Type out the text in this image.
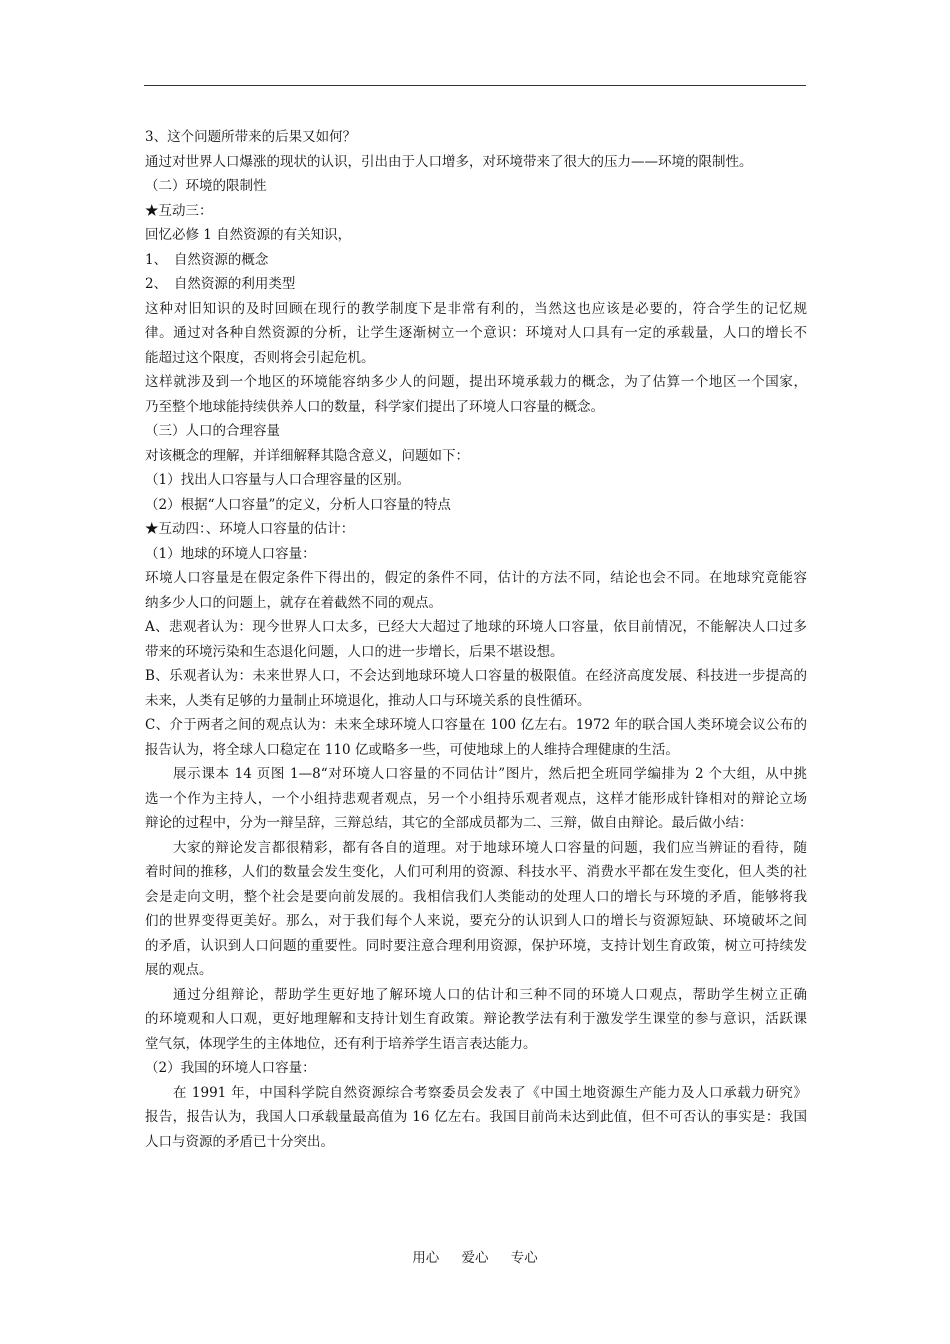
3、这个问题所带来的后果又如何？
通过对世界人口爆涨的现状的认识，引出由于人口增多，对环境带来了很大的压力——环境的限制性。
（二）环境的限制性
★互动三：
回忆必修 1 自然资源的有关知识，
1、　自然资源的概念
2、　自然资源的利用类型
这种对旧知识的及时回顾在现行的教学制度下是非常有利的，当然这也应该是必要的，符合学生的记忆规
律。通过对各种自然资源的分析，让学生逐渐树立一个意识：环境对人口具有一定的承载量，人口的增长不
能超过这个限度，否则将会引起危机。
这样就涉及到一个地区的环境能容纳多少人的问题，提出环境承载力的概念，为了估算一个地区一个国家，
乃至整个地球能持续供养人口的数量，科学家们提出了环境人口容量的概念。
（三）人口的合理容量
对该概念的理解，并详细解释其隐含意义，问题如下：
（1）找出人口容量与人口合理容量的区别。
（2）根据“人口容量”的定义，分析人口容量的特点
★互动四：、环境人口容量的估计：
（1）地球的环境人口容量：
环境人口容量是在假定条件下得出的，假定的条件不同，估计的方法不同，结论也会不同。在地球究竟能容
纳多少人口的问题上，就存在着截然不同的观点。
A、悲观者认为：现今世界人口太多，已经大大超过了地球的环境人口容量，依目前情况，不能解决人口过多
带来的环境污染和生态退化问题，人口的进一步增长，后果不堪设想。
B、乐观者认为：未来世界人口，不会达到地球环境人口容量的极限值。在经济高度发展、科技进一步提高的
未来，人类有足够的力量制止环境退化，推动人口与环境关系的良性循环。
C、介于两者之间的观点认为：未来全球环境人口容量在 100 亿左右。1972 年的联合国人类环境会议公布的
报告认为，将全球人口稳定在 110 亿或略多一些，可使地球上的人维持合理健康的生活。
展示课本 14 页图 1—8“对环境人口容量的不同估计”图片，然后把全班同学编排为 2 个大组，从中挑
选一个作为主持人，一个小组持悲观者观点，另一个小组持乐观者观点，这样才能形成针锋相对的辩论立场
辩论的过程中，分为一辩呈辞，三辩总结，其它的全部成员都为二、三辩，做自由辩论。最后做小结：
大家的辩论发言都很精彩，都有各自的道理。对于地球环境人口容量的问题，我们应当辨证的看待，随
着时间的推移，人们的数量会发生变化，人们可利用的资源、科技水平、消费水平都在发生变化，但人类的社
会是走向文明，整个社会是要向前发展的。我相信我们人类能动的处理人口的增长与环境的矛盾，能够将我
们的世界变得更美好。那么，对于我们每个人来说，要充分的认识到人口的增长与资源短缺、环境破坏之间
的矛盾，认识到人口问题的重要性。同时要注意合理利用资源，保护环境，支持计划生育政策，树立可持续发
展的观点。
通过分组辩论，帮助学生更好地了解环境人口的估计和三种不同的环境人口观点，帮助学生树立正确
的环境观和人口观，更好地理解和支持计划生育政策。辩论教学法有利于激发学生课堂的参与意识，活跃课
堂气氛，体现学生的主体地位，还有利于培养学生语言表达能力。
（2）我国的环境人口容量：
在 1991 年，中国科学院自然资源综合考察委员会发表了《中国土地资源生产能力及人口承载力研究》
报告，报告认为，我国人口承载量最高值为 16 亿左右。我国目前尚未达到此值，但不可否认的事实是：我国
人口与资源的矛盾已十分突出。
用心 爱心 专心
